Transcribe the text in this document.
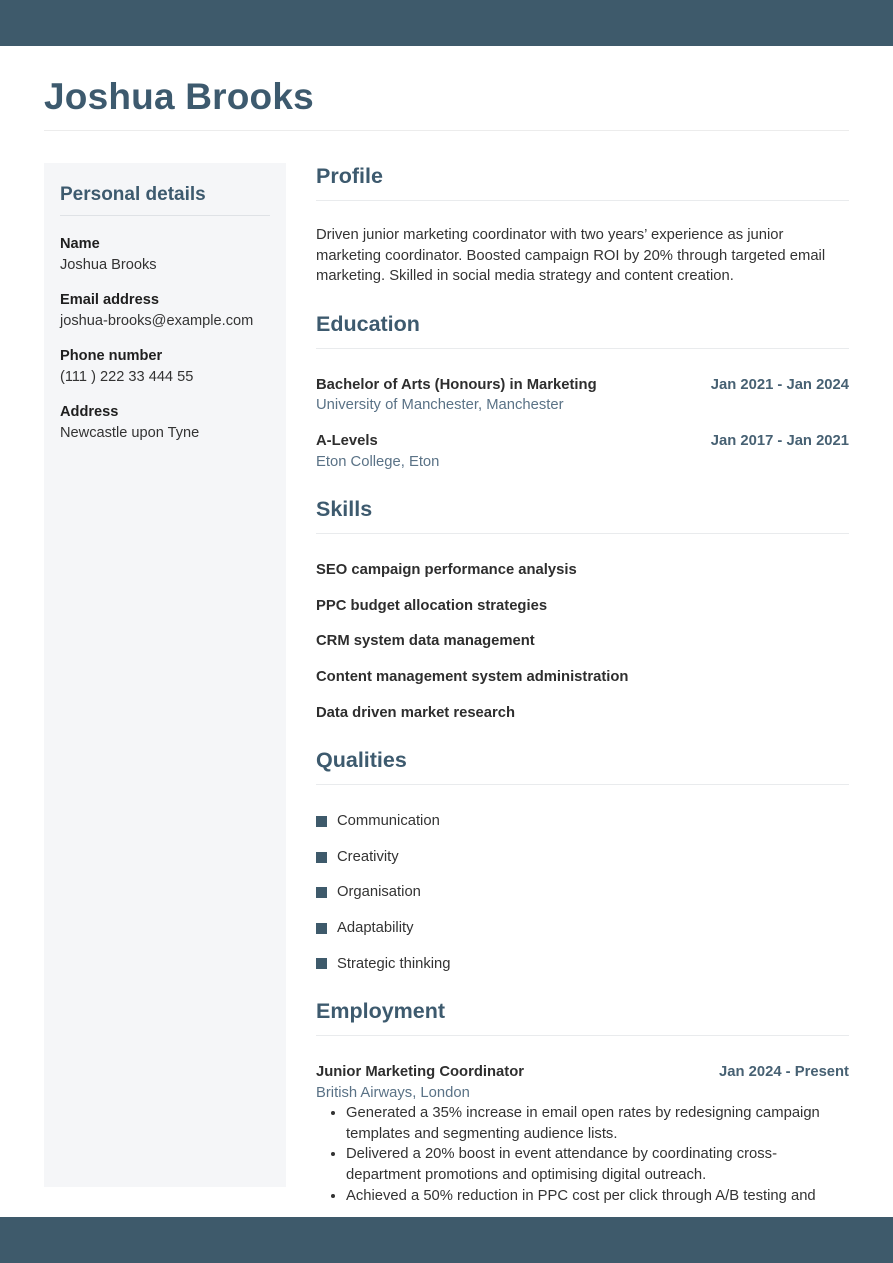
Joshua Brooks
Personal details
Name
Joshua Brooks
Email address
joshua-brooks@example.com
Phone number
(111 ) 222 33 444 55
Address
Newcastle upon Tyne
Profile

Driven junior marketing coordinator with two years’ experience as junior marketing coordinator. Boosted campaign ROI by 20% through targeted email marketing. Skilled in social media strategy and content creation.

Education
Bachelor of Arts (Honours) in Marketing
University of Manchester, Manchester
Jan 2021 - Jan 2024
A-Levels
Eton College, Eton
Jan 2017 - Jan 2021
Skills
SEO campaign performance analysis
PPC budget allocation strategies
CRM system data management
Content management system administration
Data driven market research
Qualities
Communication
Creativity
Organisation
Adaptability
Strategic thinking
Employment
Junior Marketing Coordinator
British Airways, London
Jan 2024 - Present
• Generated a 35% increase in email open rates by redesigning campaign templates and segmenting audience lists.
• Delivered a 20% boost in event attendance by coordinating cross-department promotions and optimising digital outreach.
• Achieved a 50% reduction in PPC cost per click through A/B testing and
